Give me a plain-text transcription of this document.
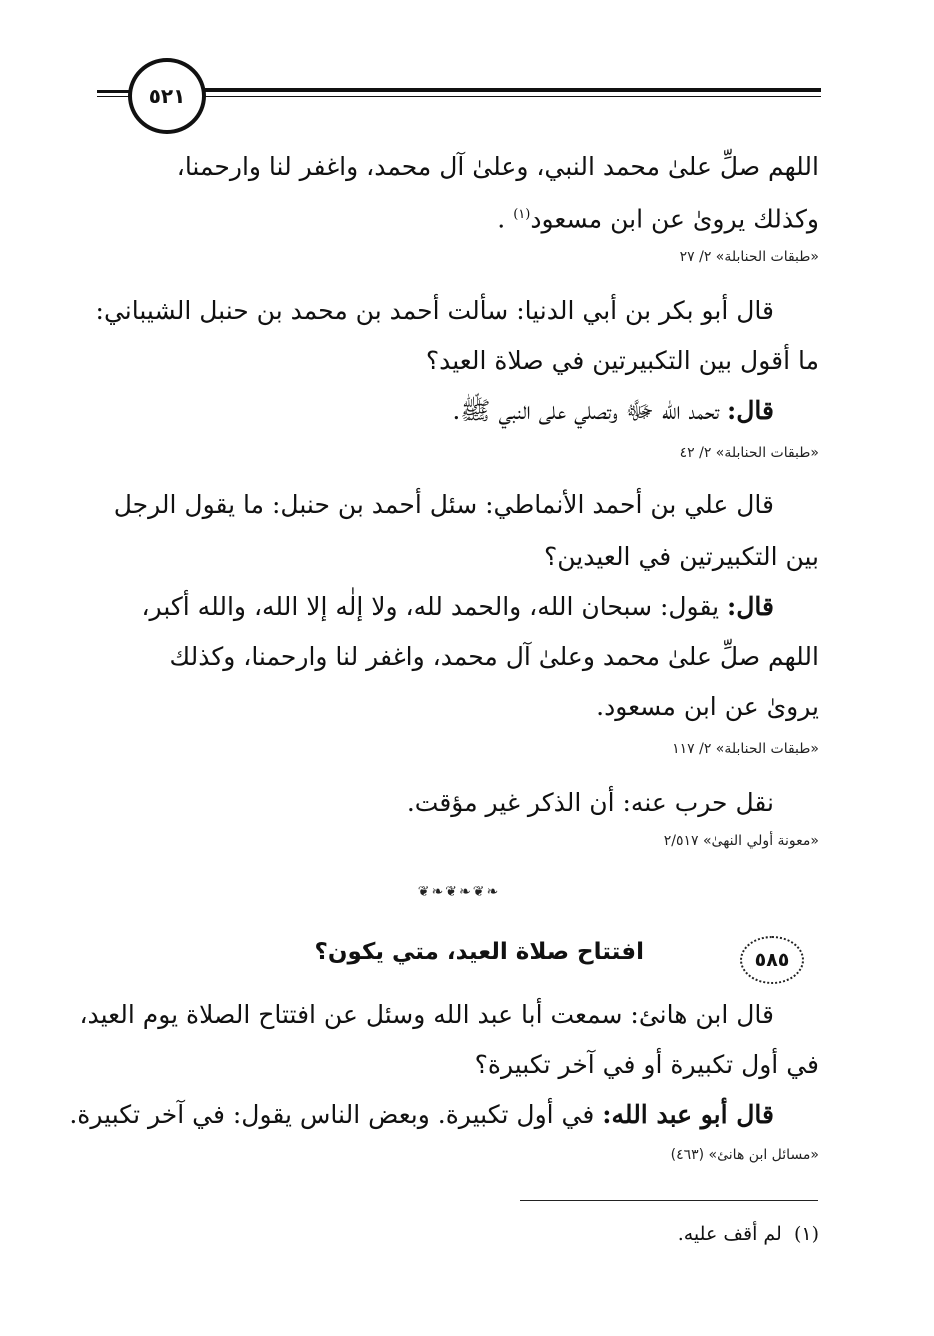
٥٢١
اللهم صلِّ علىٰ محمد النبي، وعلىٰ آل محمد، واغفر لنا وارحمنا،
وكذلك يروىٰ عن ابن مسعود$^{(١)}$ .
«طبقات الحنابلة» ٢/ ٢٧
قال أبو بكر بن أبي الدنيا: سألت أحمد بن محمد بن حنبل الشيباني:
ما أقول بين التكبيرتين في صلاة العيد؟
قال: تحمد الله ﷻ وتصلي على النبي ﷺ.
«طبقات الحنابلة» ٢/ ٤٢
قال علي بن أحمد الأنماطي: سئل أحمد بن حنبل: ما يقول الرجل
بين التكبيرتين في العيدين؟
قال: يقول: سبحان الله، والحمد لله، ولا إلٰه إلا الله، والله أكبر،
اللهم صلِّ علىٰ محمد وعلىٰ آل محمد، واغفر لنا وارحمنا، وكذلك
يروىٰ عن ابن مسعود.
«طبقات الحنابلة» ٢/ ١١٧
نقل حرب عنه: أن الذكر غير مؤقت.
«معونة أولي النهىٰ» ٢/٥١٧
❦❧❦❧❦❧
٥٨٥
افتتاح صلاة العيد، متي يكون؟
قال ابن هانئ: سمعت أبا عبد الله وسئل عن افتتاح الصلاة يوم العيد،
في أول تكبيرة أو في آخر تكبيرة؟
قال أبو عبد الله: في أول تكبيرة. وبعض الناس يقول: في آخر تكبيرة.
«مسائل ابن هانئ» (٤٦٣)
(١)  لم أقف عليه.
